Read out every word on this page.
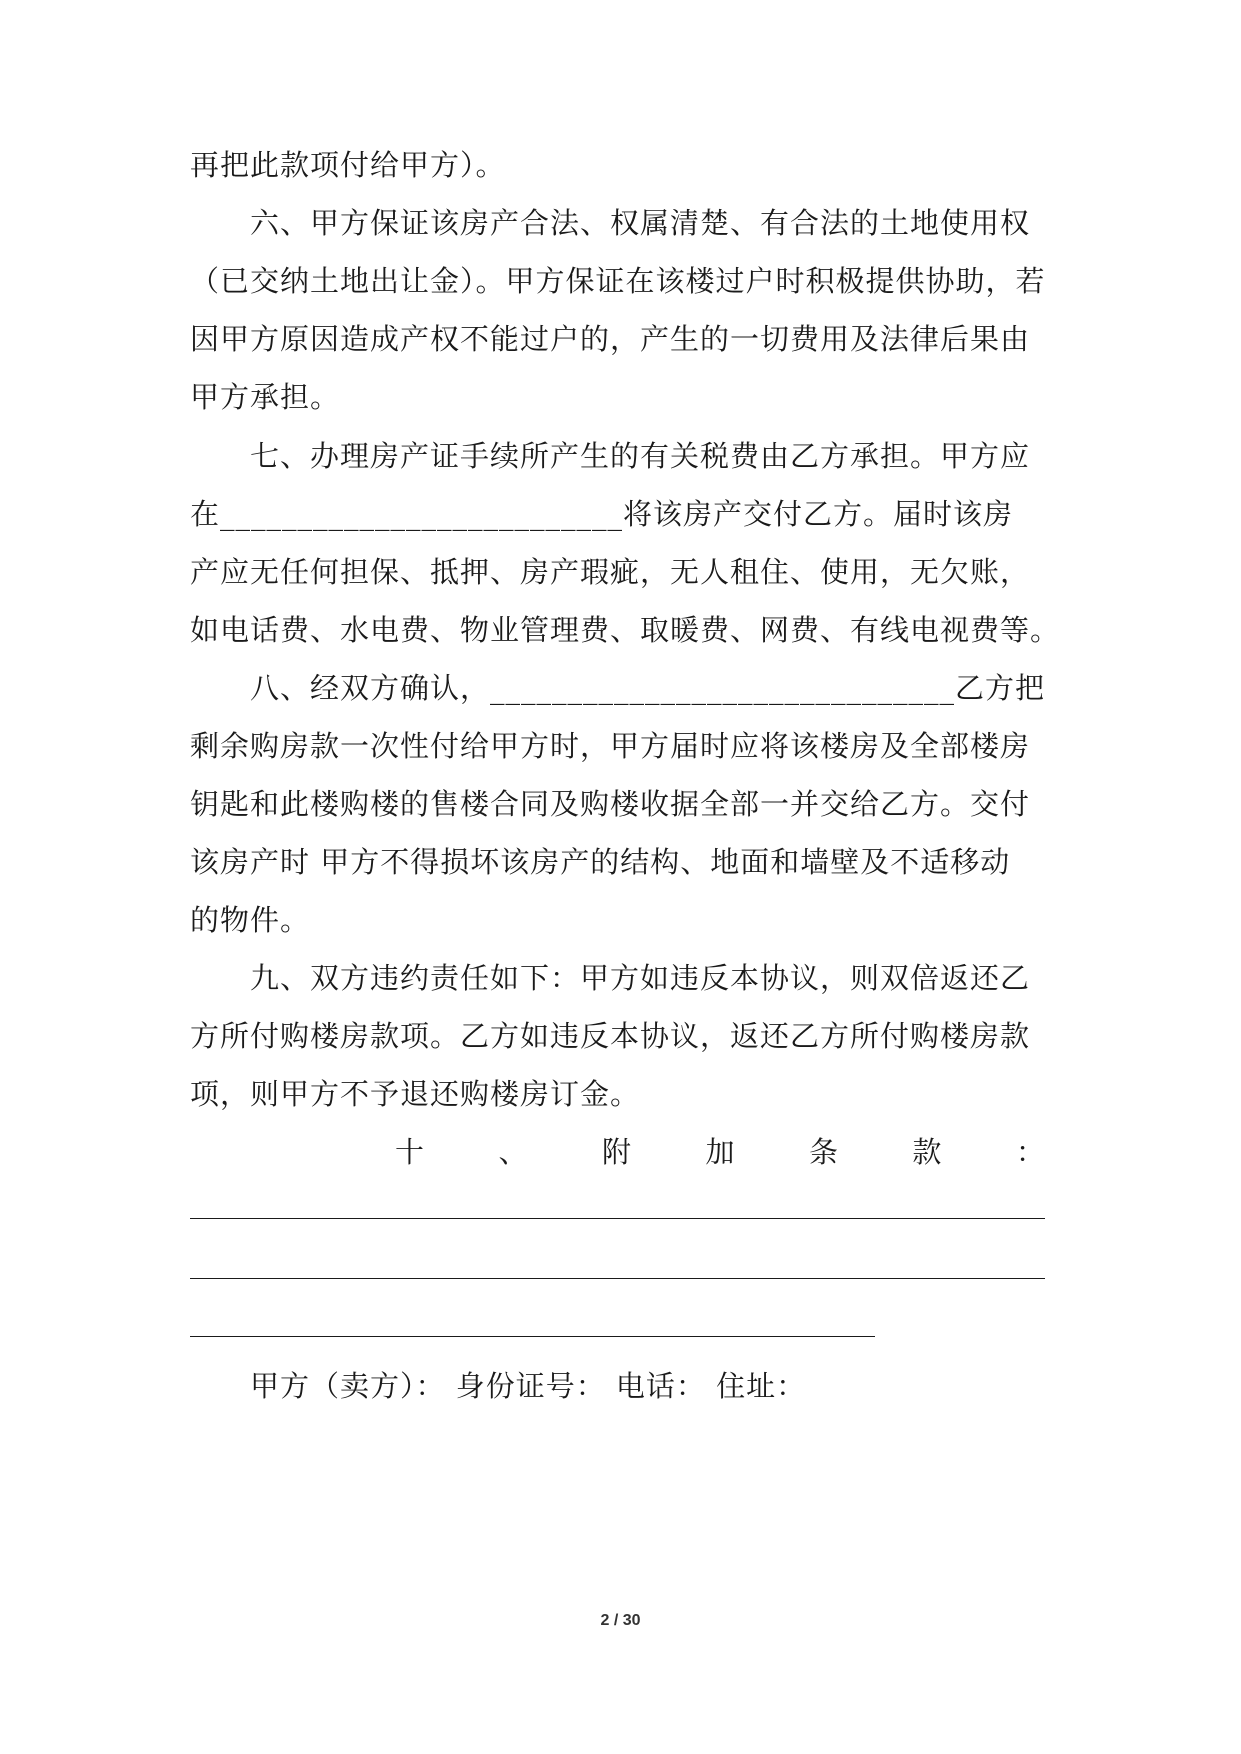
再把此款项付给甲方）。
六、甲方保证该房产合法、权属清楚、有合法的土地使用权
（已交纳土地出让金）。甲方保证在该楼过户时积极提供协助，若
因甲方原因造成产权不能过户的，产生的一切费用及法律后果由
甲方承担。
七、办理房产证手续所产生的有关税费由乙方承担。甲方应
在__________________________将该房产交付乙方。届时该房
产应无任何担保、抵押、房产瑕疵，无人租住、使用，无欠账，
如电话费、水电费、物业管理费、取暖费、网费、有线电视费等。
八、经双方确认，______________________________乙方把
剩余购房款一次性付给甲方时，甲方届时应将该楼房及全部楼房
钥匙和此楼购楼的售楼合同及购楼收据全部一并交给乙方。交付
该房产时 甲方不得损坏该房产的结构、地面和墙壁及不适移动
的物件。
九、双方违约责任如下：甲方如违反本协议，则双倍返还乙
方所付购楼房款项。乙方如违反本协议，返还乙方所付购楼房款
项，则甲方不予退还购楼房订金。
十	、	附	加	条	款	：
甲方（卖方）： 身份证号： 电话： 住址：
2 / 30
